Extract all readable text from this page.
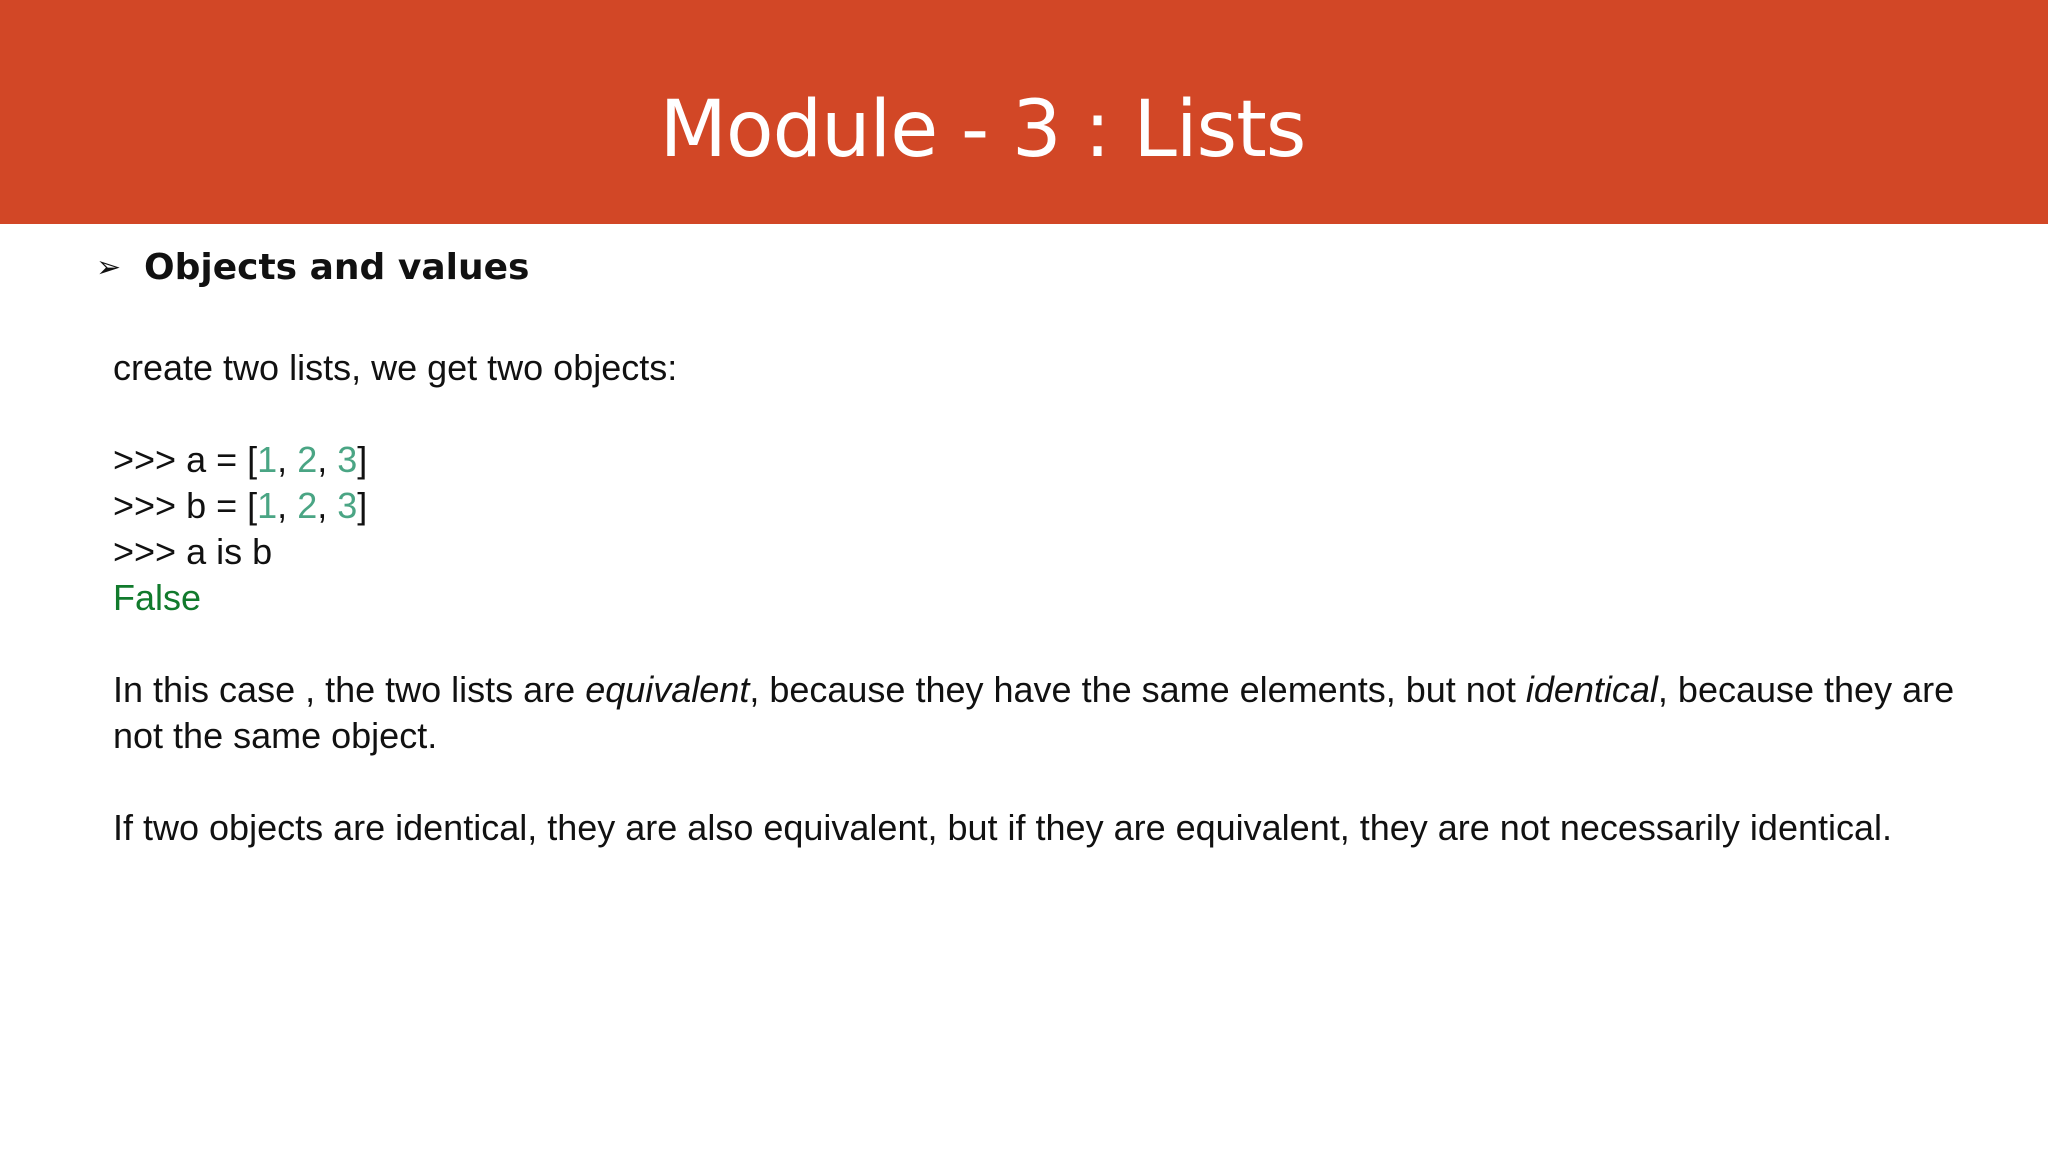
Module - 3 : Lists
➢ Objects and values

create two lists, we get two objects:

>>> a = [1, 2, 3]
>>> b = [1, 2, 3]
>>> a is b
False

In this case , the two lists are equivalent, because they have the same elements, but not identical, because they are not the same object.

If two objects are identical, they are also equivalent, but if they are equivalent, they are not necessarily identical.
